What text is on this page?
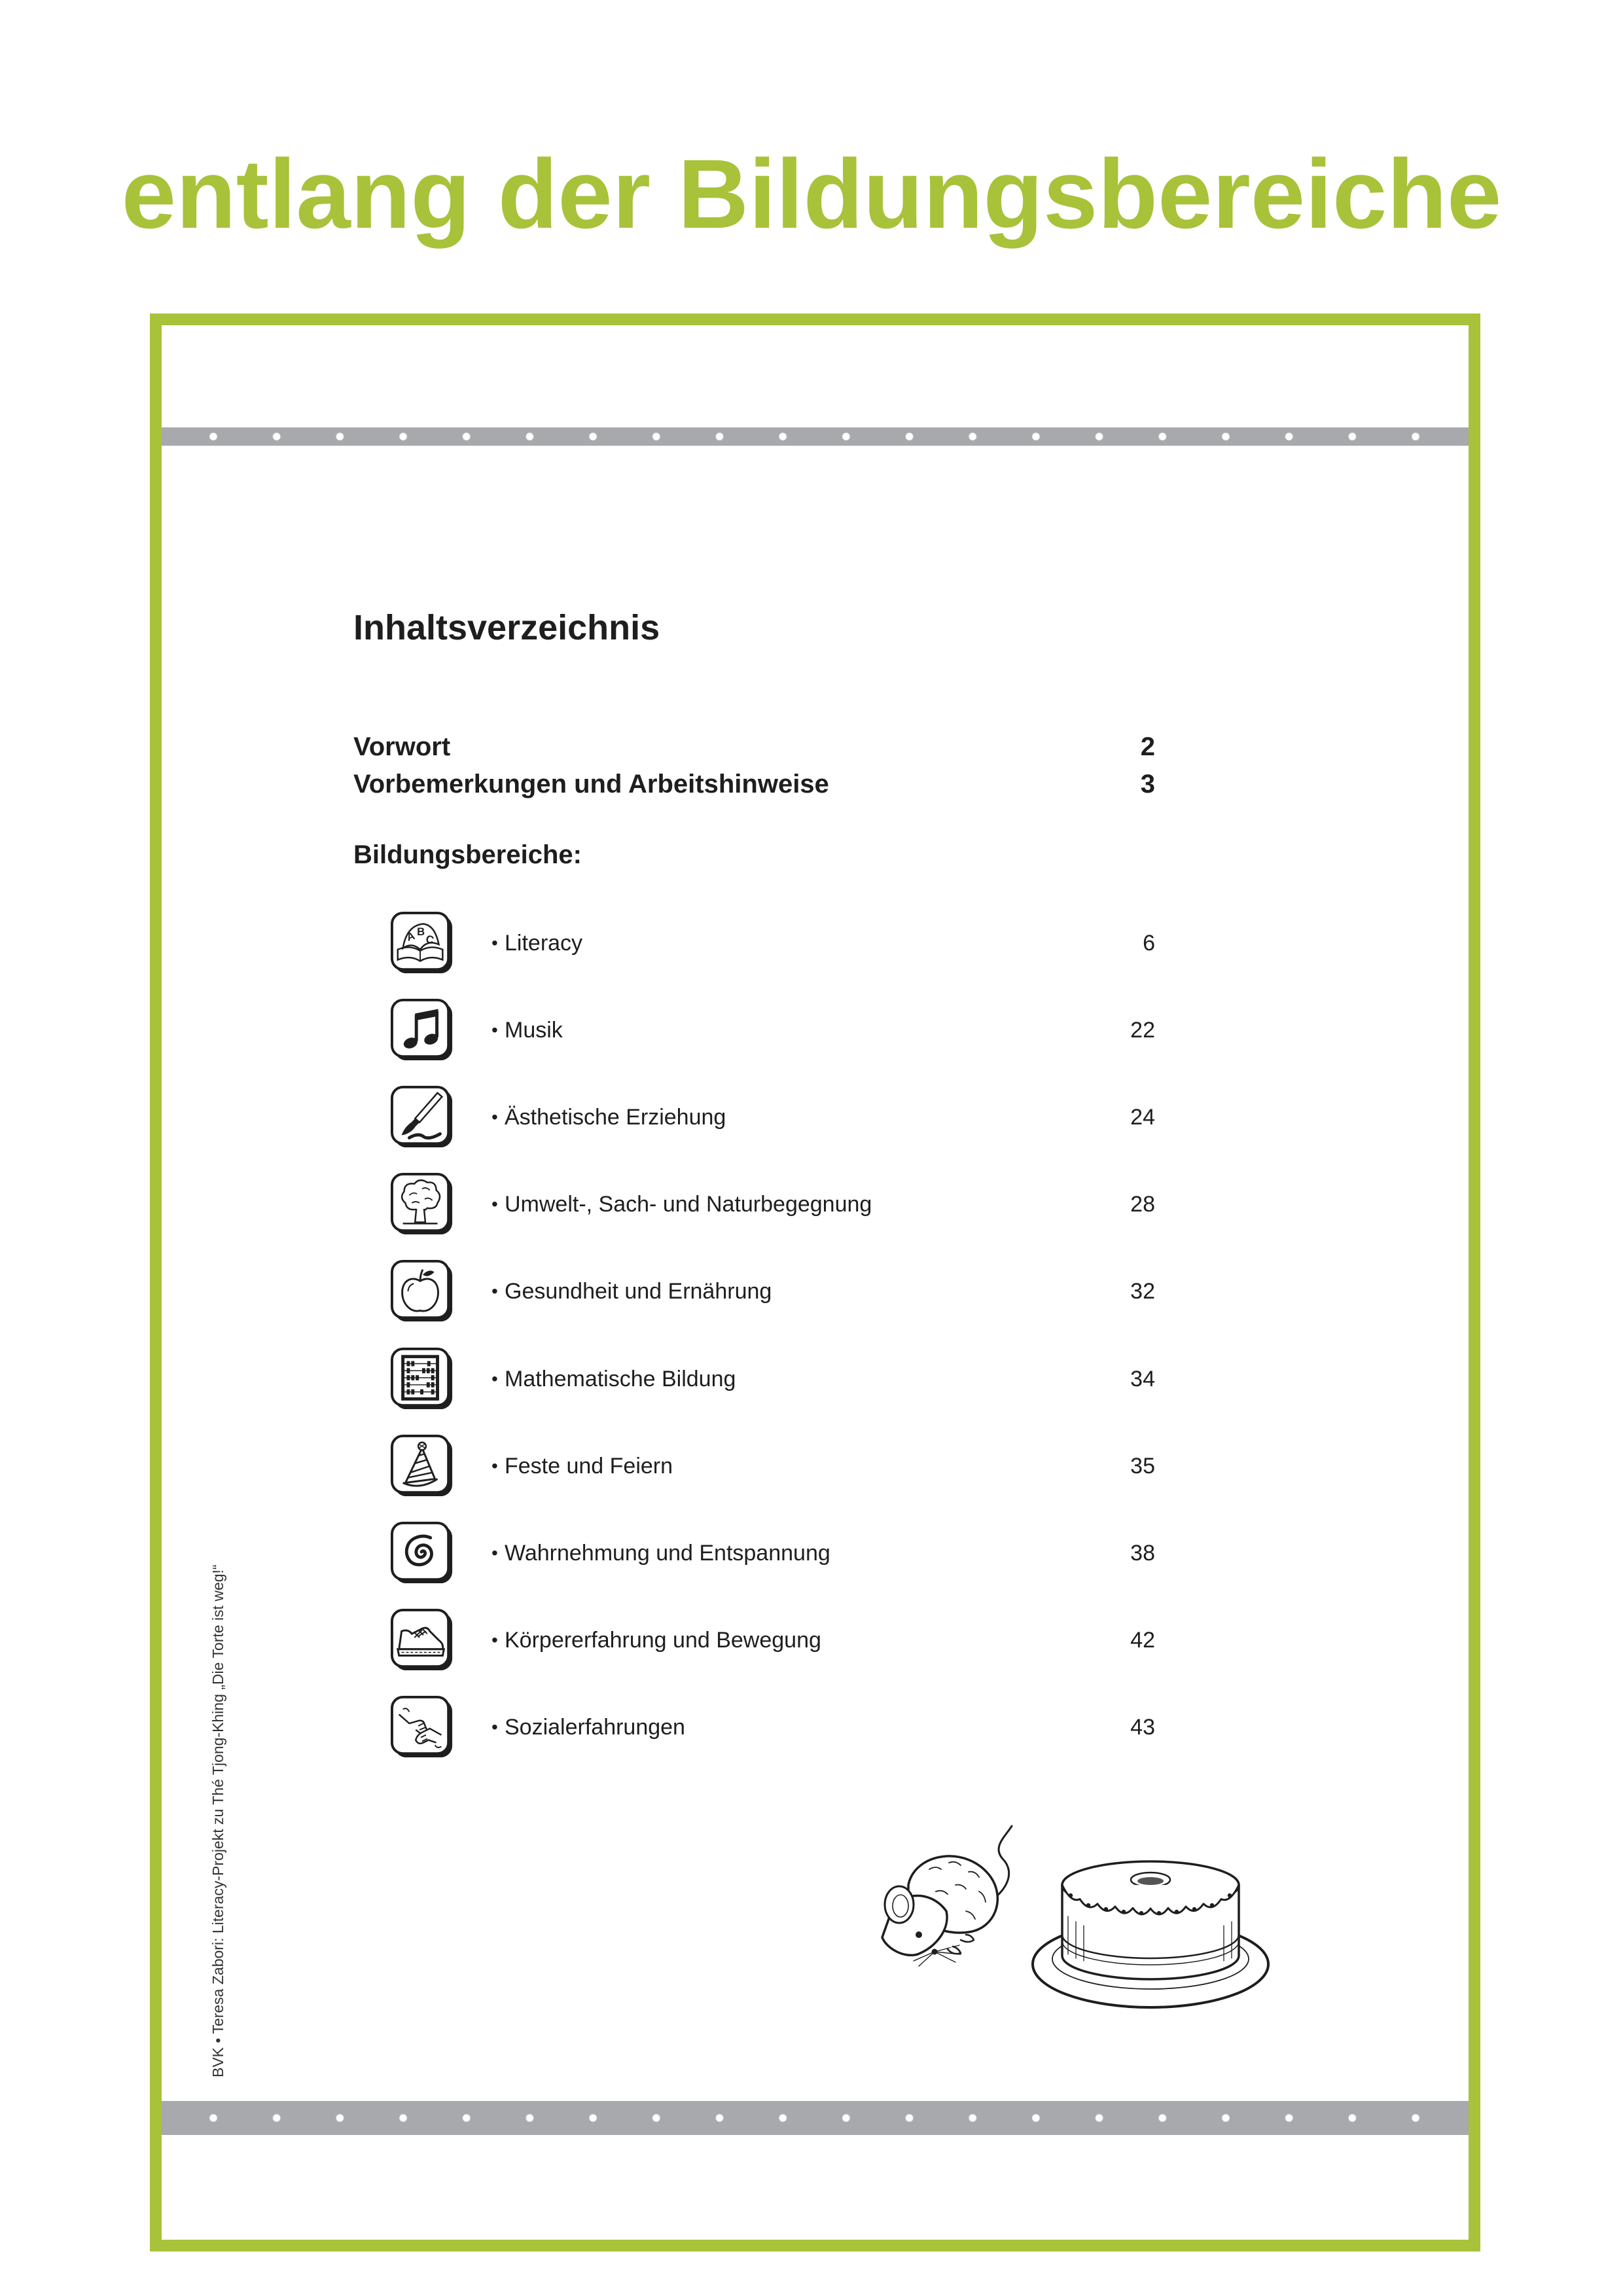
entlang der Bildungsbereiche
Inhaltsverzeichnis
Vorwort	2
Vorbemerkungen und Arbeitshinweise	3
Bildungsbereiche:
A B
C	• Literacy	6
• Musik	22
• Ästhetische Erziehung	24
• Umwelt-, Sach- und Naturbegegnung	28
• Gesundheit und Ernährung	32
• Mathematische Bildung	34
• Feste und Feiern	35
• Wahrnehmung und Entspannung	38
• Körpererfahrung und Bewegung	42
• Sozialerfahrungen	43
BVK • Teresa Zabori: Literacy-Projekt zu Thé Tjong-Khing „Die Torte ist weg!“
